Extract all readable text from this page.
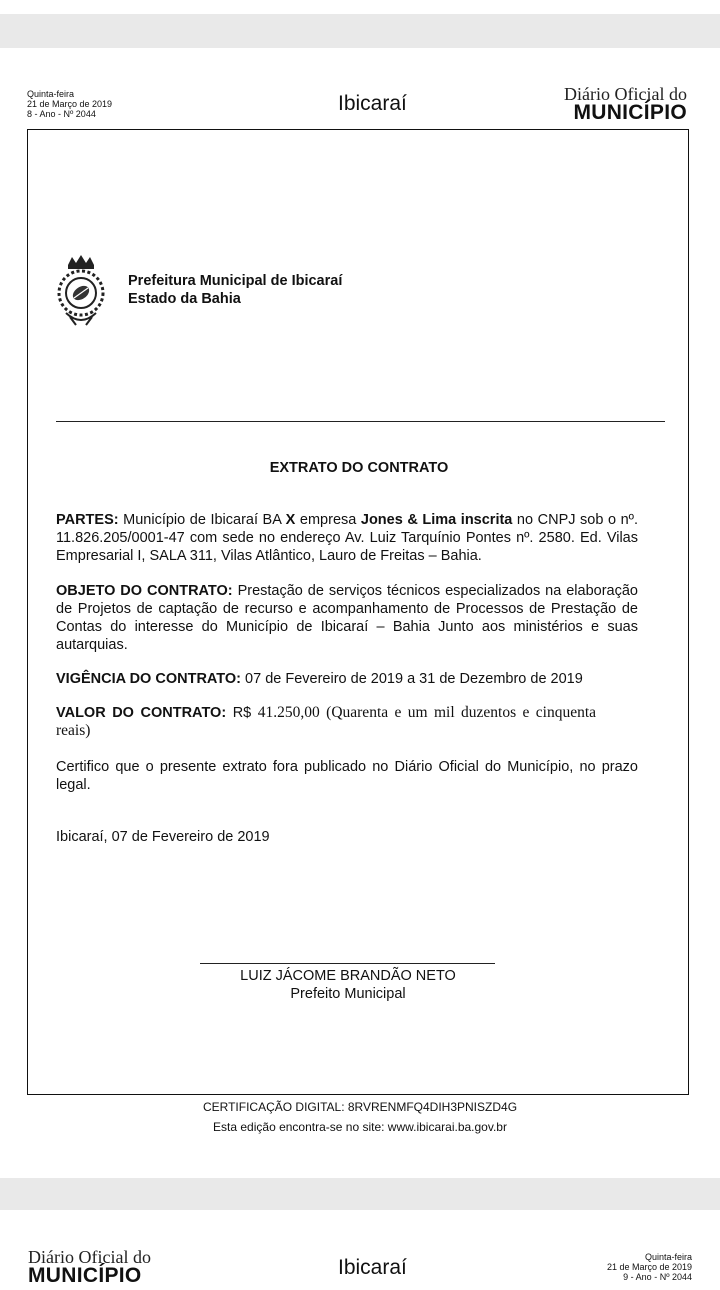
Quinta-feira
21 de Março de 2019
8 - Ano - Nº 2044	Ibicaraí	Diário Oficial do
MUNICÍPIO
Prefeitura Municipal de Ibicaraí
Estado da Bahia
EXTRATO DO CONTRATO

PARTES: Município de Ibicaraí BA X empresa Jones & Lima inscrita no CNPJ sob o nº. 11.826.205/0001-47 com sede no endereço Av. Luiz Tarquínio Pontes nº. 2580. Ed. Vilas Empresarial I, SALA 311, Vilas Atlântico, Lauro de Freitas – Bahia.

OBJETO DO CONTRATO: Prestação de serviços técnicos especializados na elaboração de Projetos de captação de recurso e acompanhamento de Processos de Prestação de Contas do interesse do Município de Ibicaraí – Bahia Junto aos ministérios e suas autarquias.

VIGÊNCIA DO CONTRATO: 07 de Fevereiro de 2019 a 31 de Dezembro de 2019

VALOR DO CONTRATO: R$ 41.250,00 (Quarenta e um mil duzentos e cinquenta reais)

Certifico que o presente extrato fora publicado no Diário Oficial do Município, no prazo legal.

Ibicaraí, 07 de Fevereiro de 2019

LUIZ JÁCOME BRANDÃO NETO
Prefeito Municipal
CERTIFICAÇÃO DIGITAL: 8RVRENMFQ4DIH3PNISZD4G
Esta edição encontra-se no site: www.ibicarai.ba.gov.br
Diário Oficial do
MUNICÍPIO	Ibicaraí	Quinta-feira
21 de Março de 2019
9 - Ano - Nº 2044
